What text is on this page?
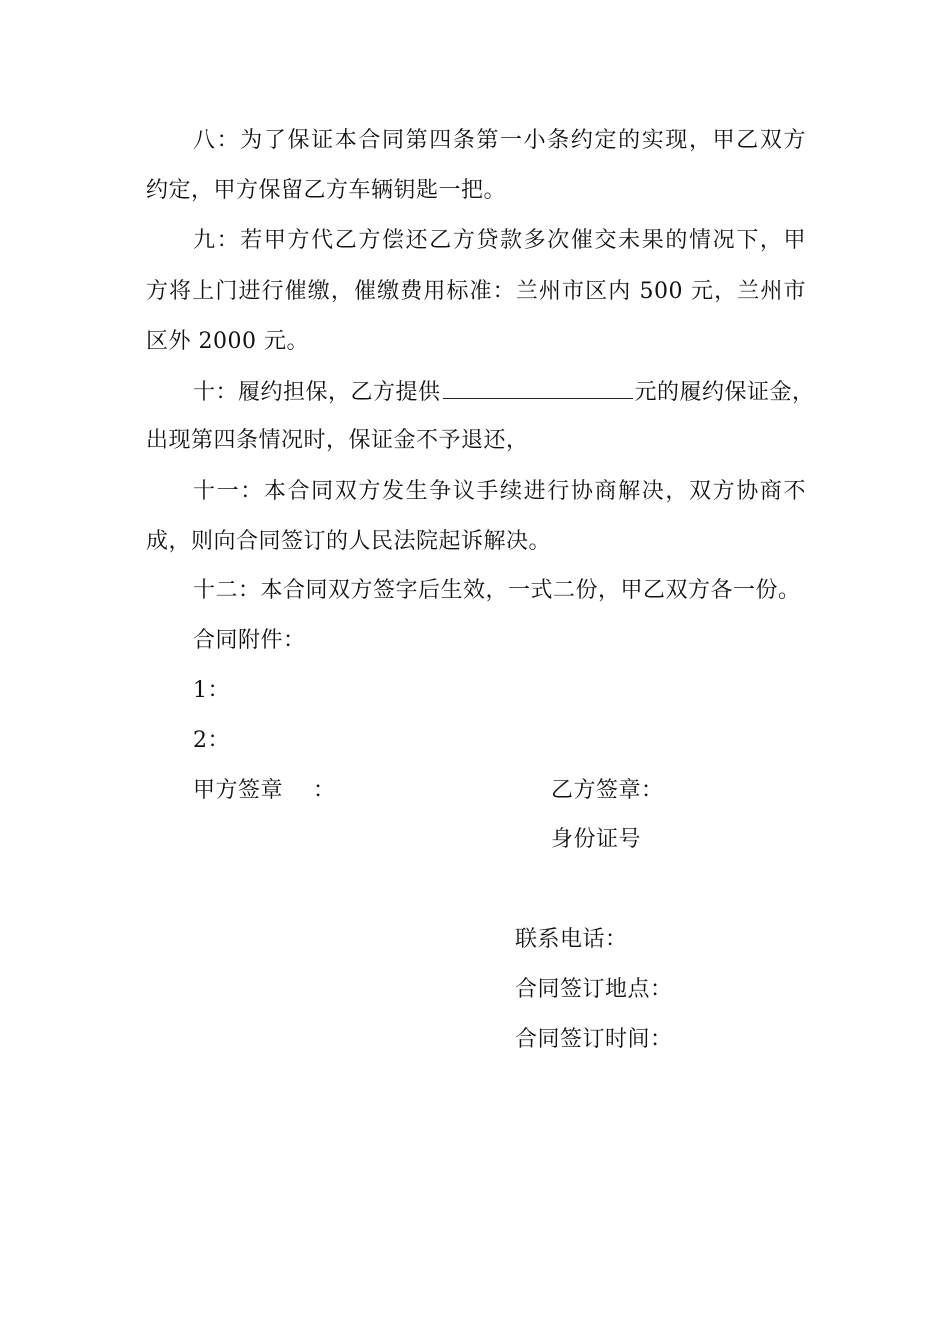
八：为了保证本合同第四条第一小条约定的实现，甲乙双方
约定，甲方保留乙方车辆钥匙一把。
九：若甲方代乙方偿还乙方贷款多次催交未果的情况下，甲
方将上门进行催缴，催缴费用标准：兰州市区内 500 元，兰州市
区外 2000 元。
十：履约担保，乙方提供	元的履约保证金，
出现第四条情况时，保证金不予退还，
十一：本合同双方发生争议手续进行协商解决，双方协商不
成，则向合同签订的人民法院起诉解决。
十二：本合同双方签字后生效，一式二份，甲乙双方各一份。
合同附件：
1：
2：
甲方签章　 ：	乙方签章：
身份证号
联系电话：
合同签订地点：
合同签订时间：
